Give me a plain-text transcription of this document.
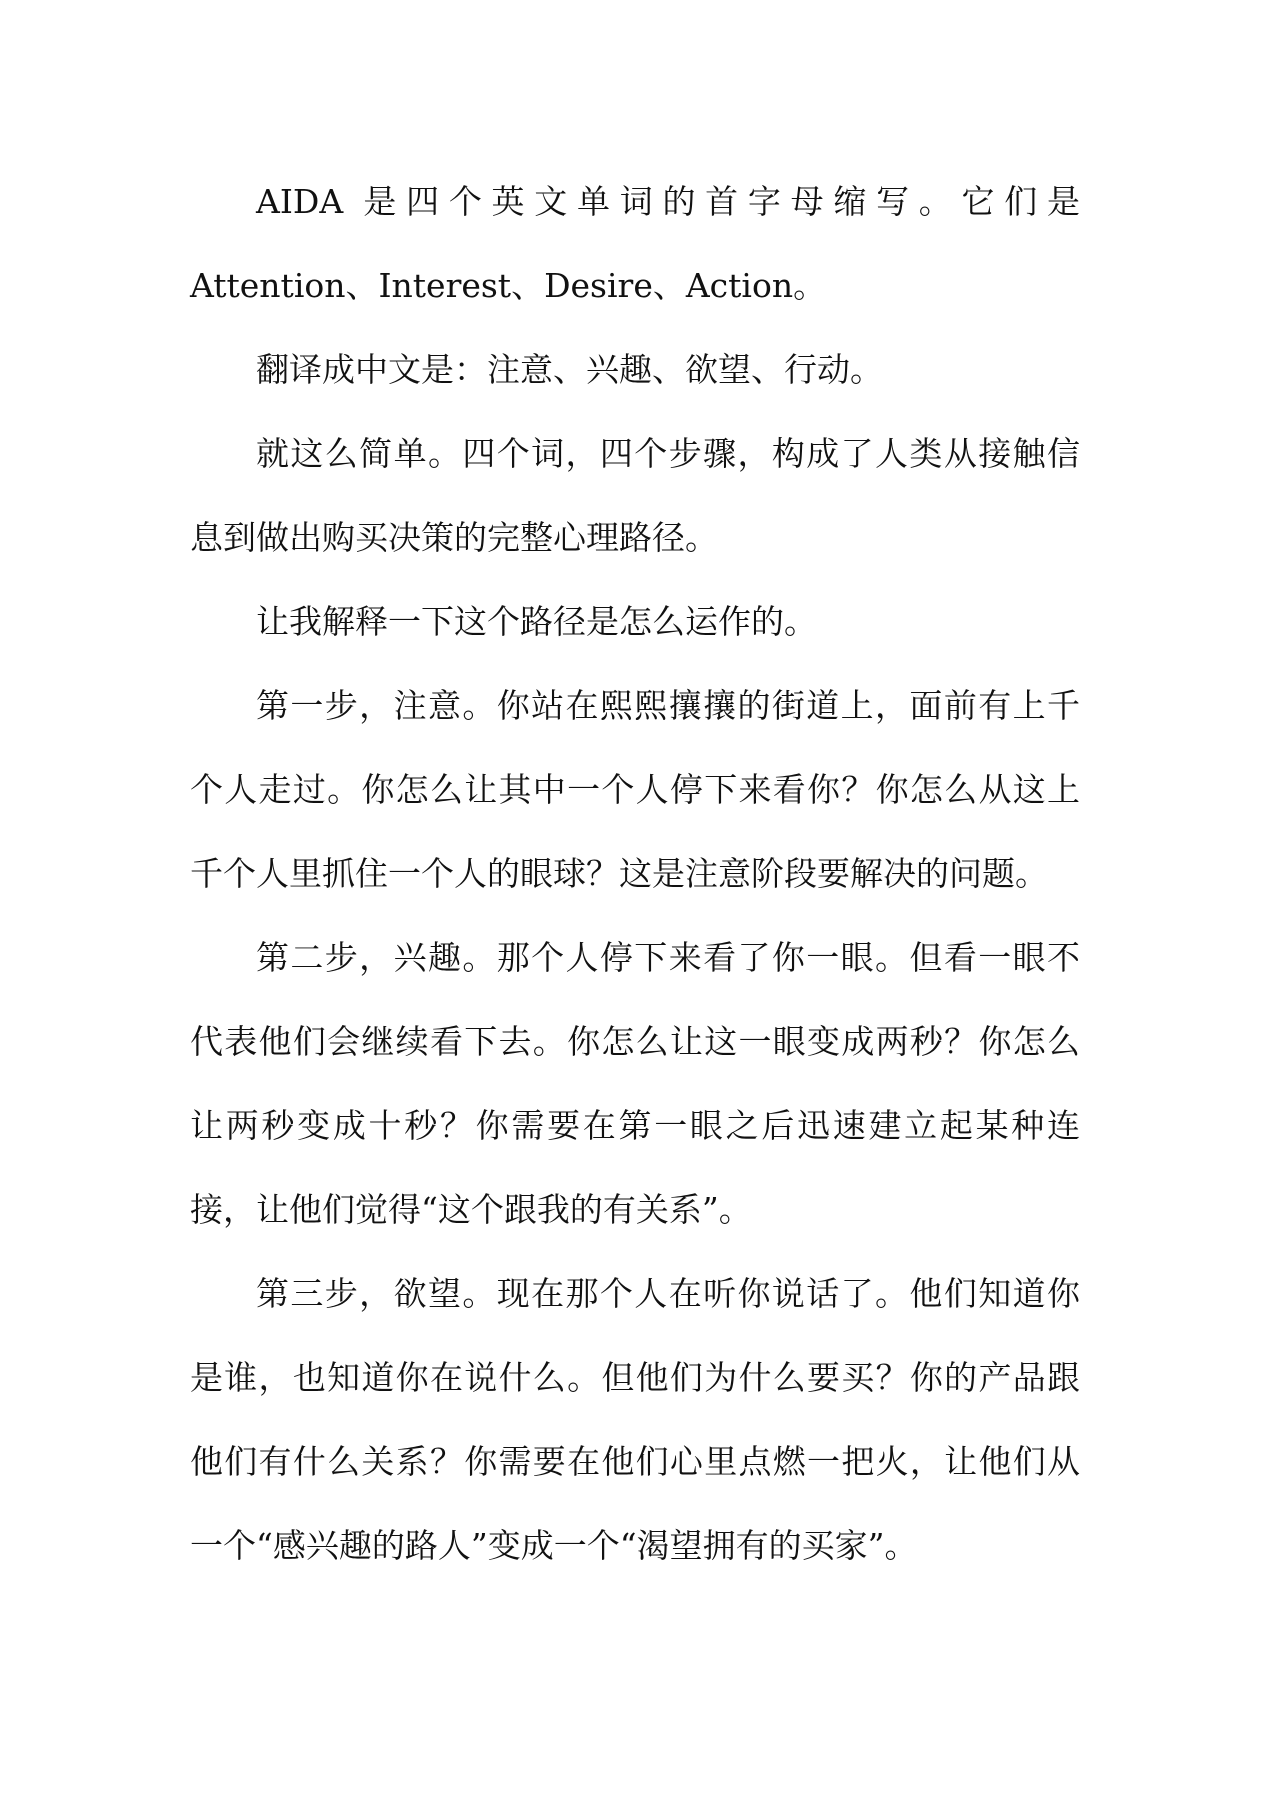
AIDA 是四个英文单词的首字母缩写。它们是 Attention、Interest、Desire、Action。

翻译成中文是：注意、兴趣、欲望、行动。

就这么简单。四个词，四个步骤，构成了人类从接触信息到做出购买决策的完整心理路径。

让我解释一下这个路径是怎么运作的。

第一步，注意。你站在熙熙攘攘的街道上，面前有上千个人走过。你怎么让其中一个人停下来看你？你怎么从这上千个人里抓住一个人的眼球？这是注意阶段要解决的问题。

第二步，兴趣。那个人停下来看了你一眼。但看一眼不代表他们会继续看下去。你怎么让这一眼变成两秒？你怎么让两秒变成十秒？你需要在第一眼之后迅速建立起某种连接，让他们觉得“这个跟我的有关系”。

第三步，欲望。现在那个人在听你说话了。他们知道你是谁，也知道你在说什么。但他们为什么要买？你的产品跟他们有什么关系？你需要在他们心里点燃一把火，让他们从一个“感兴趣的路人”变成一个“渴望拥有的买家”。
